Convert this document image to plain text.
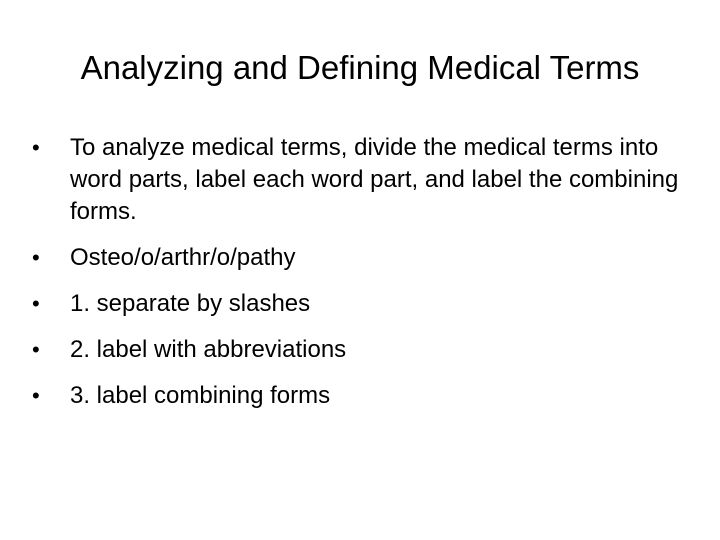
Analyzing and Defining Medical Terms
•	To analyze medical terms, divide the medical terms into word parts, label each word part, and label the combining forms.
•	Osteo/o/arthr/o/pathy
•	1. separate by slashes
•	2. label with abbreviations
•	3. label combining forms
